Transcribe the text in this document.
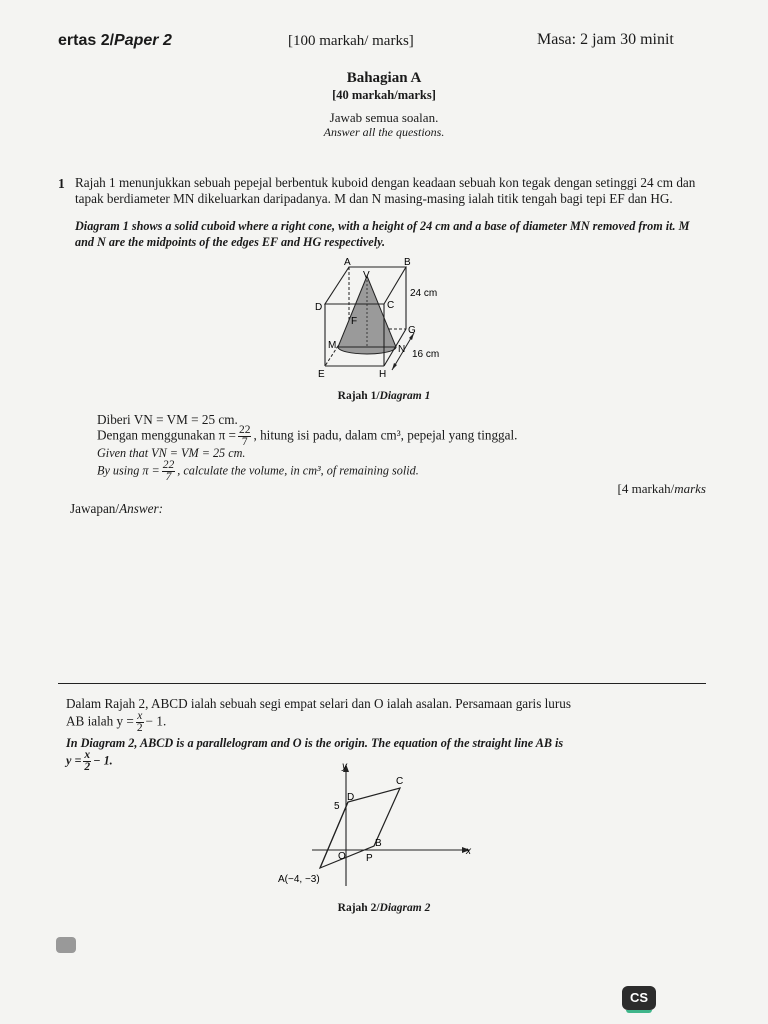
ertas 2/Paper 2	[100 markah/ marks]	Masa: 2 jam 30 minit
Bahagian A
[40 markah/marks]
Jawab semua soalan.
Answer all the questions.
1 Rajah 1 menunjukkan sebuah pepejal berbentuk kuboid dengan keadaan sebuah kon tegak dengan setinggi 24 cm dan tapak berdiameter MN dikeluarkan daripadanya. M dan N masing-masing ialah titik tengah bagi tepi EF dan HG.
Diagram 1 shows a solid cuboid where a right cone, with a height of 24 cm and a base of diameter MN removed from it. M and N are the midpoints of the edges EF and HG respectively.
A	B
V
24 cm
D	C
F
G
M	N 16 cm
E	H
Rajah 1/Diagram 1
Diberi VN = VM = 25 cm.
Dengan menggunakan $\pi = \frac{22}{7}$ , hitung isi padu, dalam cm³, pepejal yang tinggal.
Given that VN = VM = 25 cm.
By using $\pi = \frac{22}{7}$ , calculate the volume, in cm³, of remaining solid.
[4 markah/marks
Jawapan/Answer:
Dalam Rajah 2, ABCD ialah sebuah segi empat selari dan O ialah asalan. Persamaan garis lurus
AB ialah $y = \frac{x}{2} - 1$.
In Diagram 2, ABCD is a parallelogram and O is the origin. The equation of the straight line AB is
$y = \frac{x}{2} - 1$.	y
x
C
D
5
B
O P
A(−4, −3)
Rajah 2/Diagram 2
CS
